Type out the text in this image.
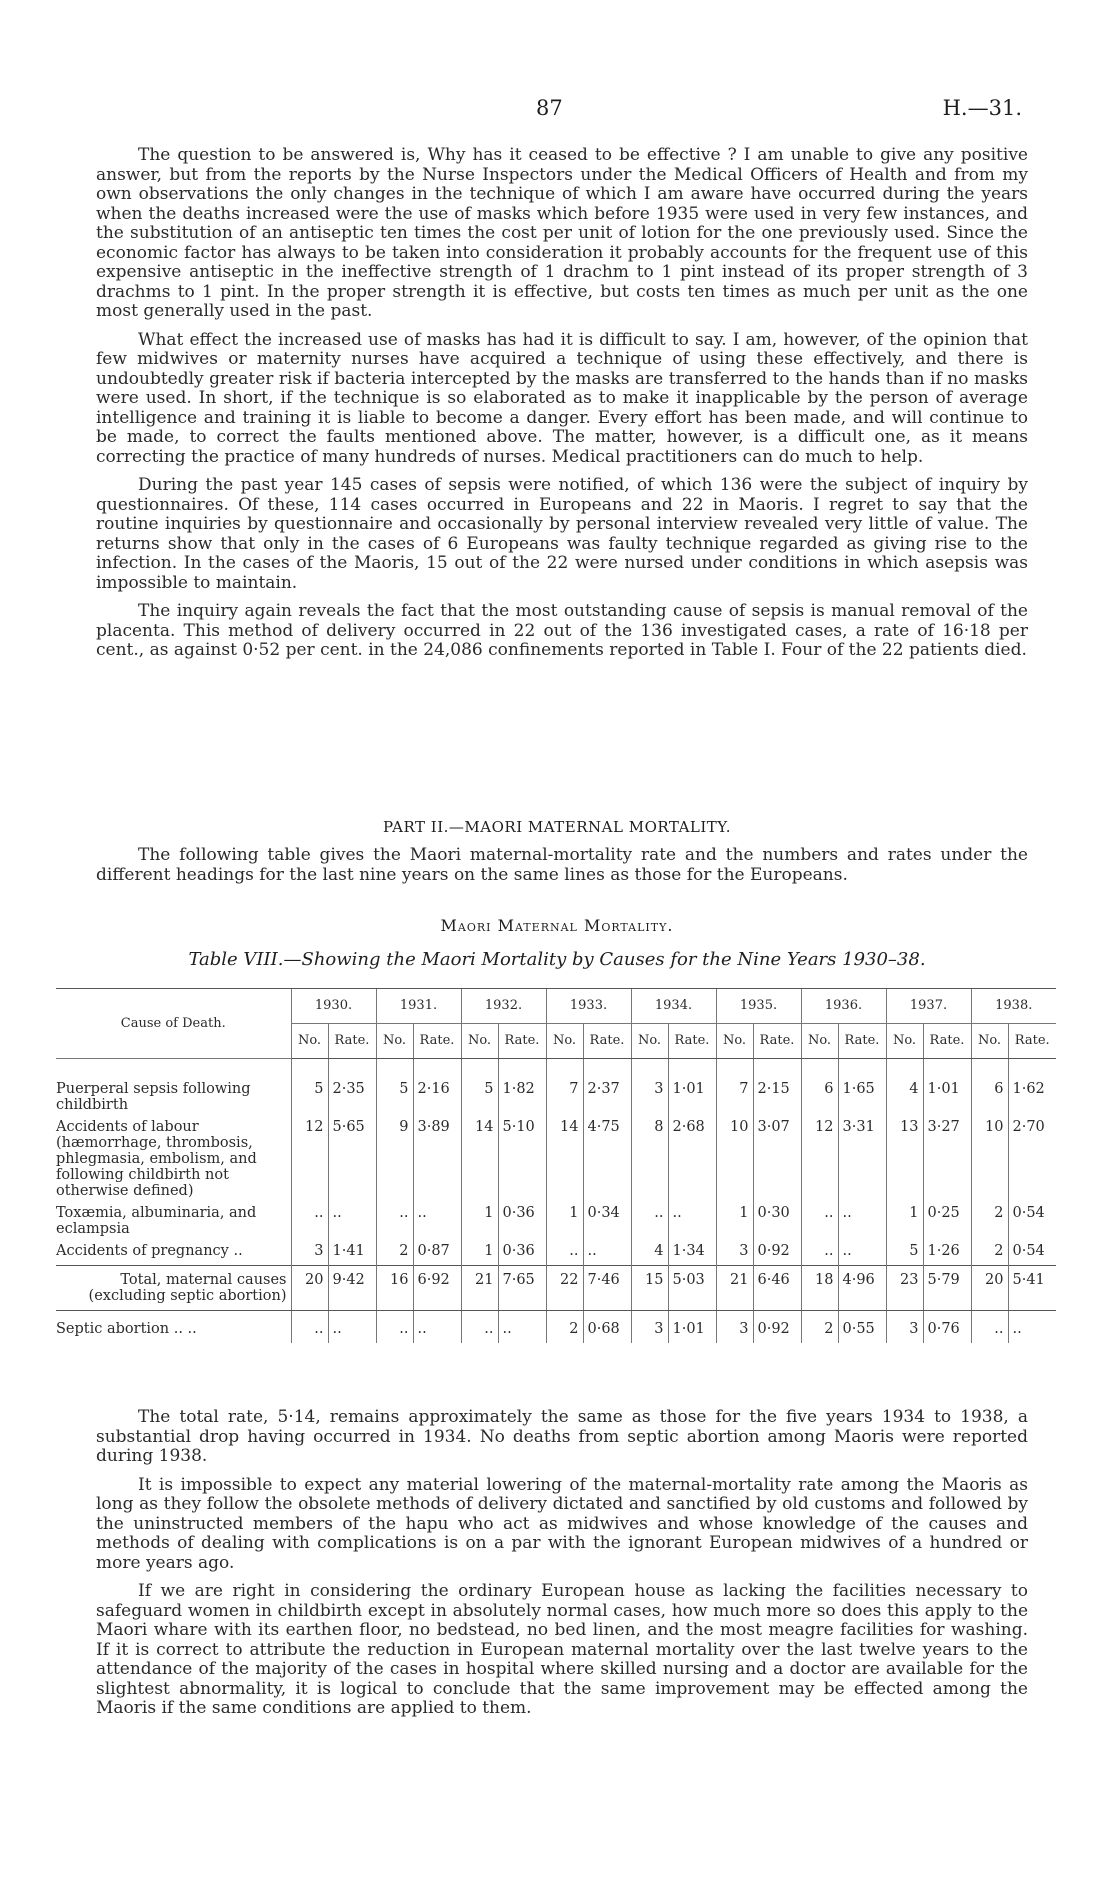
87	H.—31.

The question to be answered is, Why has it ceased to be effective ? I am unable to give any positive answer, but from the reports by the Nurse Inspectors under the Medical Officers of Health and from my own observations the only changes in the technique of which I am aware have occurred during the years when the deaths increased were the use of masks which before 1935 were used in very few instances, and the substitution of an antiseptic ten times the cost per unit of lotion for the one previously used. Since the economic factor has always to be taken into consideration it probably accounts for the frequent use of this expensive antiseptic in the ineffective strength of 1 drachm to 1 pint instead of its proper strength of 3 drachms to 1 pint. In the proper strength it is effective, but costs ten times as much per unit as the one most generally used in the past.

What effect the increased use of masks has had it is difficult to say. I am, however, of the opinion that few midwives or maternity nurses have acquired a technique of using these effectively, and there is undoubtedly greater risk if bacteria intercepted by the masks are transferred to the hands than if no masks were used. In short, if the technique is so elaborated as to make it inapplicable by the person of average intelligence and training it is liable to become a danger. Every effort has been made, and will continue to be made, to correct the faults mentioned above. The matter, however, is a difficult one, as it means correcting the practice of many hundreds of nurses. Medical practitioners can do much to help.

During the past year 145 cases of sepsis were notified, of which 136 were the subject of inquiry by questionnaires. Of these, 114 cases occurred in Europeans and 22 in Maoris. I regret to say that the routine inquiries by questionnaire and occasionally by personal interview revealed very little of value. The returns show that only in the cases of 6 Europeans was faulty technique regarded as giving rise to the infection. In the cases of the Maoris, 15 out of the 22 were nursed under conditions in which asepsis was impossible to maintain.

The inquiry again reveals the fact that the most outstanding cause of sepsis is manual removal of the placenta. This method of delivery occurred in 22 out of the 136 investigated cases, a rate of 16·18 per cent., as against 0·52 per cent. in the 24,086 confinements reported in Table I. Four of the 22 patients died.

PART II.—MAORI MATERNAL MORTALITY.

The following table gives the Maori maternal-mortality rate and the numbers and rates under the different headings for the last nine years on the same lines as those for the Europeans.

Maori Maternal Mortality.
Table VIII.—Showing the Maori Mortality by Causes for the Nine Years 1930–38.
Cause of Death.	1930.		1931.		1932.		1933.		1934.		1935.		1936.		1937.		1938.	
	No.	Rate.	No.	Rate.	No.	Rate.	No.	Rate.	No.	Rate.	No.	Rate.	No.	Rate.	No.	Rate.	No.	Rate.

Puerperal sepsis following childbirth	5	2·35	5	2·16	5	1·82	7	2·37	3	1·01	7	2·15	6	1·65	4	1·01	6	1·62
Accidents of labour (hæmorrhage, thrombosis, phlegmasia, embolism, and following childbirth not otherwise defined)	12	5·65	9	3·89	14	5·10	14	4·75	8	2·68	10	3·07	12	3·31	13	3·27	10	2·70
Toxæmia, albuminaria, and eclampsia	..	..	..	..	1	0·36	1	0·34	..	..	1	0·30	..	..	1	0·25	2	0·54
Accidents of pregnancy ..	3	1·41	2	0·87	1	0·36	..	..	4	1·34	3	0·92	..	..	5	1·26	2	0·54
Total, maternal causes (excluding septic abortion)	20	9·42	16	6·92	21	7·65	22	7·46	15	5·03	21	6·46	18	4·96	23	5·79	20	5·41
Septic abortion .. ..	..	..	..	..	..	..	2	0·68	3	1·01	3	0·92	2	0·55	3	0·76	..	..

The total rate, 5·14, remains approximately the same as those for the five years 1934 to 1938, a substantial drop having occurred in 1934. No deaths from septic abortion among Maoris were reported during 1938.

It is impossible to expect any material lowering of the maternal-mortality rate among the Maoris as long as they follow the obsolete methods of delivery dictated and sanctified by old customs and followed by the uninstructed members of the hapu who act as midwives and whose knowledge of the causes and methods of dealing with complications is on a par with the ignorant European midwives of a hundred or more years ago.

If we are right in considering the ordinary European house as lacking the facilities necessary to safeguard women in childbirth except in absolutely normal cases, how much more so does this apply to the Maori whare with its earthen floor, no bedstead, no bed linen, and the most meagre facilities for washing. If it is correct to attribute the reduction in European maternal mortality over the last twelve years to the attendance of the majority of the cases in hospital where skilled nursing and a doctor are available for the slightest abnormality, it is logical to conclude that the same improvement may be effected among the Maoris if the same conditions are applied to them.
